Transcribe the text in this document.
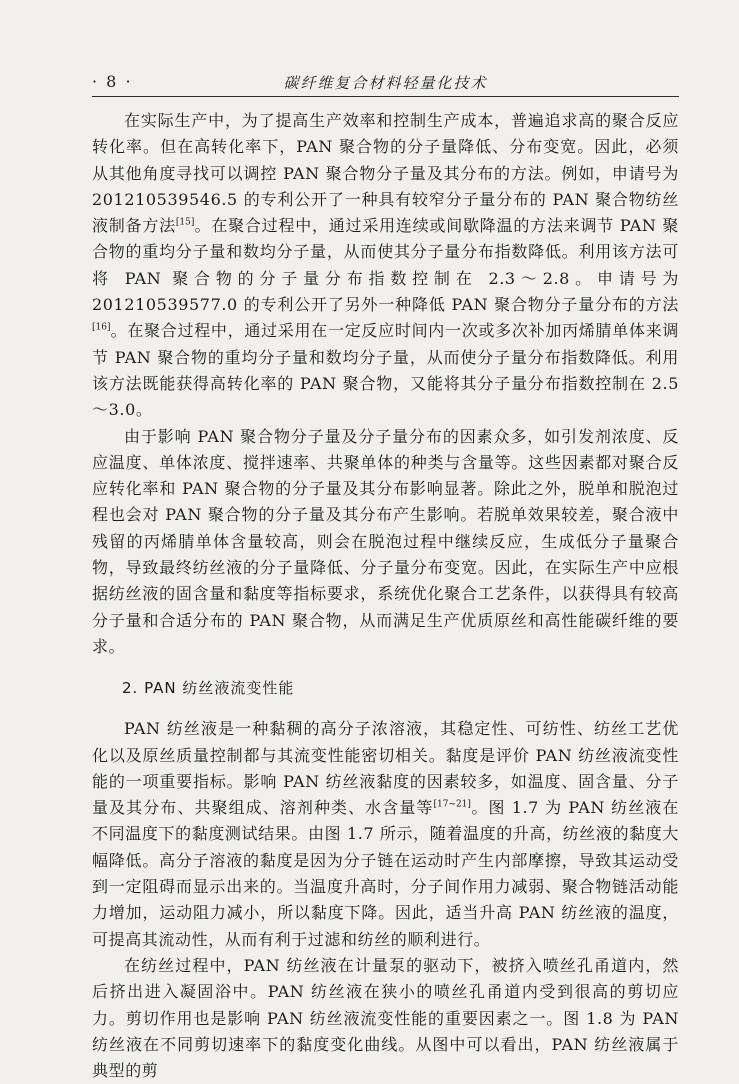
· 8 ·	碳纤维复合材料轻量化技术

在实际生产中，为了提高生产效率和控制生产成本，普遍追求高的聚合反应转化率。但在高转化率下，PAN 聚合物的分子量降低、分布变宽。因此，必须从其他角度寻找可以调控 PAN 聚合物分子量及其分布的方法。例如，申请号为 201210539546.5 的专利公开了一种具有较窄分子量分布的 PAN 聚合物纺丝液制备方法[15]。在聚合过程中，通过采用连续或间歇降温的方法来调节 PAN 聚合物的重均分子量和数均分子量，从而使其分子量分布指数降低。利用该方法可将 PAN 聚合物的分子量分布指数控制在 2.3～2.8。申请号为 201210539577.0 的专利公开了另外一种降低 PAN 聚合物分子量分布的方法[16]。在聚合过程中，通过采用在一定反应时间内一次或多次补加丙烯腈单体来调节 PAN 聚合物的重均分子量和数均分子量，从而使分子量分布指数降低。利用该方法既能获得高转化率的 PAN 聚合物，又能将其分子量分布指数控制在 2.5～3.0。

由于影响 PAN 聚合物分子量及分子量分布的因素众多，如引发剂浓度、反应温度、单体浓度、搅拌速率、共聚单体的种类与含量等。这些因素都对聚合反应转化率和 PAN 聚合物的分子量及其分布影响显著。除此之外，脱单和脱泡过程也会对 PAN 聚合物的分子量及其分布产生影响。若脱单效果较差，聚合液中残留的丙烯腈单体含量较高，则会在脱泡过程中继续反应，生成低分子量聚合物，导致最终纺丝液的分子量降低、分子量分布变宽。因此，在实际生产中应根据纺丝液的固含量和黏度等指标要求，系统优化聚合工艺条件，以获得具有较高分子量和合适分布的 PAN 聚合物，从而满足生产优质原丝和高性能碳纤维的要求。

2. PAN 纺丝液流变性能

PAN 纺丝液是一种黏稠的高分子浓溶液，其稳定性、可纺性、纺丝工艺优化以及原丝质量控制都与其流变性能密切相关。黏度是评价 PAN 纺丝液流变性能的一项重要指标。影响 PAN 纺丝液黏度的因素较多，如温度、固含量、分子量及其分布、共聚组成、溶剂种类、水含量等[17~21]。图 1.7 为 PAN 纺丝液在不同温度下的黏度测试结果。由图 1.7 所示，随着温度的升高，纺丝液的黏度大幅降低。高分子溶液的黏度是因为分子链在运动时产生内部摩擦，导致其运动受到一定阻碍而显示出来的。当温度升高时，分子间作用力减弱、聚合物链活动能力增加，运动阻力减小，所以黏度下降。因此，适当升高 PAN 纺丝液的温度，可提高其流动性，从而有利于过滤和纺丝的顺利进行。

在纺丝过程中，PAN 纺丝液在计量泵的驱动下，被挤入喷丝孔甬道内，然后挤出进入凝固浴中。PAN 纺丝液在狭小的喷丝孔甬道内受到很高的剪切应力。剪切作用也是影响 PAN 纺丝液流变性能的重要因素之一。图 1.8 为 PAN 纺丝液在不同剪切速率下的黏度变化曲线。从图中可以看出，PAN 纺丝液属于典型的剪
